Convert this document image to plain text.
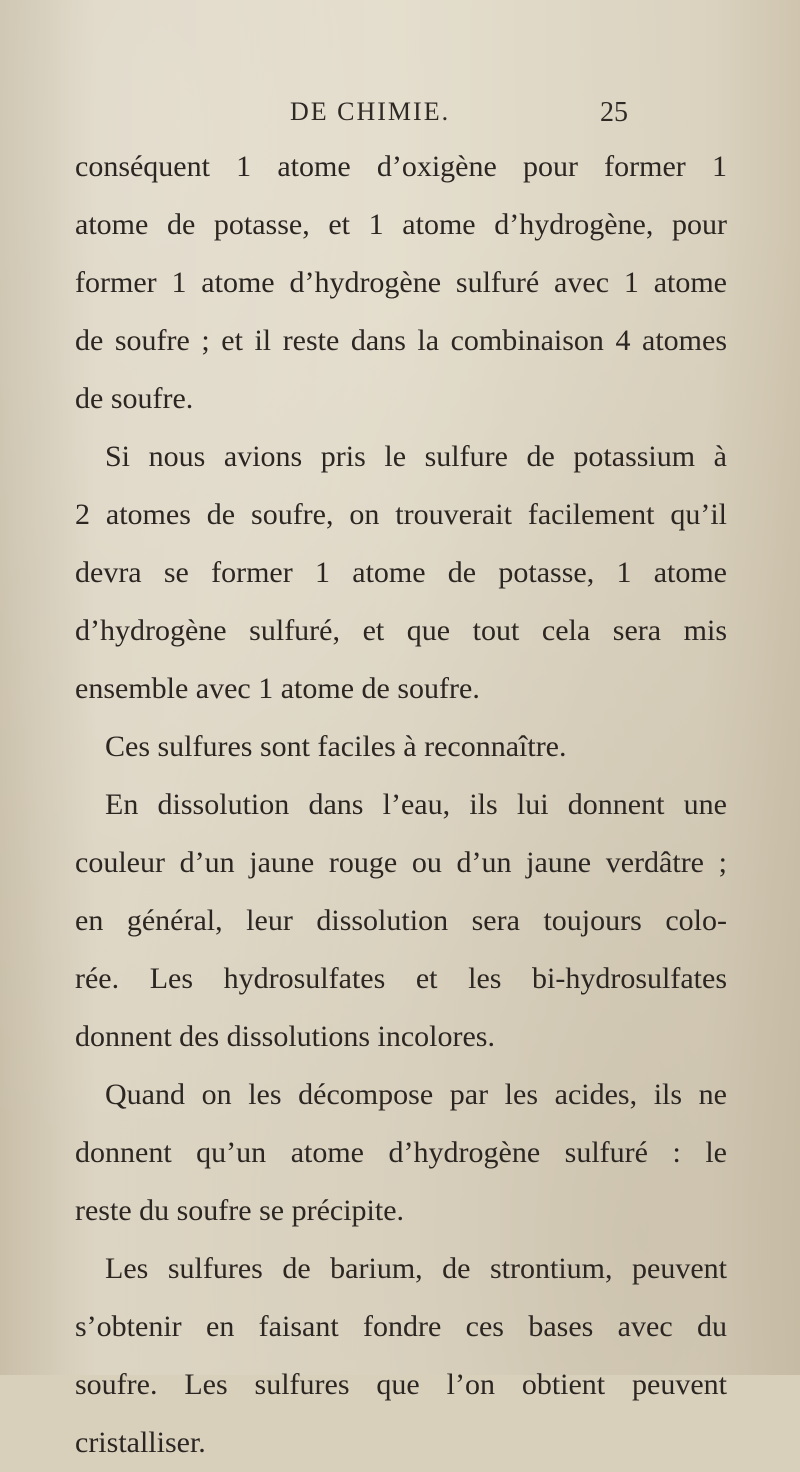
DE CHIMIE.	25
conséquent 1 atome d’oxigène pour former 1
atome de potasse, et 1 atome d’hydrogène, pour
former 1 atome d’hydrogène sulfuré avec 1 atome
de soufre ; et il reste dans la combinaison 4 atomes
de soufre.
Si nous avions pris le sulfure de potassium à
2 atomes de soufre, on trouverait facilement qu’il
devra se former 1 atome de potasse, 1 atome
d’hydrogène sulfuré, et que tout cela sera mis
ensemble avec 1 atome de soufre.
Ces sulfures sont faciles à reconnaître.
En dissolution dans l’eau, ils lui donnent une
couleur d’un jaune rouge ou d’un jaune verdâtre ;
en général, leur dissolution sera toujours colo-
rée. Les hydrosulfates et les bi-hydrosulfates
donnent des dissolutions incolores.
Quand on les décompose par les acides, ils ne
donnent qu’un atome d’hydrogène sulfuré : le
reste du soufre se précipite.
Les sulfures de barium, de strontium, peuvent
s’obtenir en faisant fondre ces bases avec du
soufre. Les sulfures que l’on obtient peuvent
cristalliser.
